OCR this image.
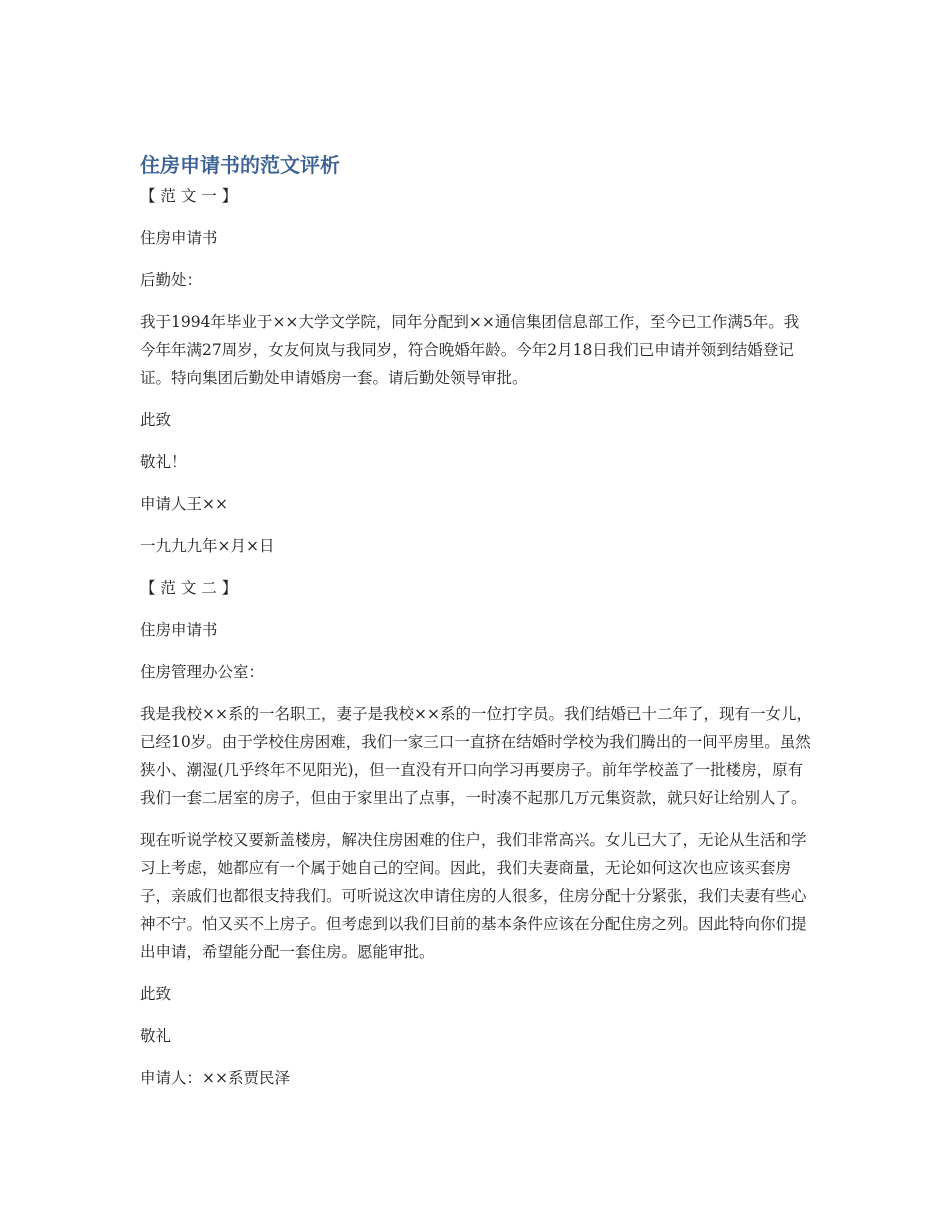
住房申请书的范文评析

【 范 文 一 】

住房申请书

后勤处：

我于1994年毕业于××大学文学院，同年分配到××通信集团信息部工作，至今已工作满5年。我今年年满27周岁，女友何岚与我同岁，符合晚婚年龄。今年2月18日我们已申请并领到结婚登记证。特向集团后勤处申请婚房一套。请后勤处领导审批。

此致

敬礼！

申请人王××

一九九九年×月×日

【 范 文 二 】

住房申请书

住房管理办公室：

我是我校××系的一名职工，妻子是我校××系的一位打字员。我们结婚已十二年了，现有一女儿，已经10岁。由于学校住房困难，我们一家三口一直挤在结婚时学校为我们腾出的一间平房里。虽然狭小、潮湿(几乎终年不见阳光)，但一直没有开口向学习再要房子。前年学校盖了一批楼房，原有我们一套二居室的房子，但由于家里出了点事，一时凑不起那几万元集资款，就只好让给别人了。

现在听说学校又要新盖楼房，解决住房困难的住户，我们非常高兴。女儿已大了，无论从生活和学习上考虑，她都应有一个属于她自己的空间。因此，我们夫妻商量，无论如何这次也应该买套房子，亲戚们也都很支持我们。可听说这次申请住房的人很多，住房分配十分紧张，我们夫妻有些心神不宁。怕又买不上房子。但考虑到以我们目前的基本条件应该在分配住房之列。因此特向你们提出申请，希望能分配一套住房。愿能审批。

此致

敬礼

申请人：××系贾民泽
